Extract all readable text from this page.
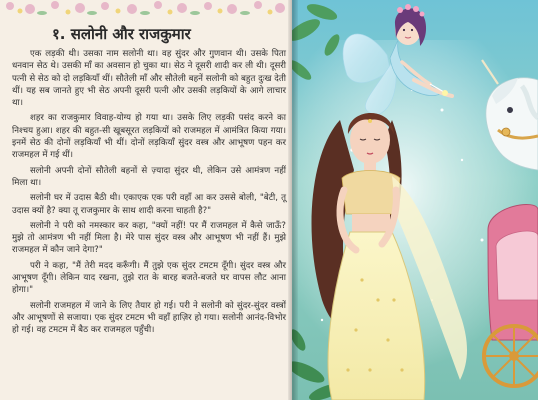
१. सलोनी और राजकुमार

एक लड़की थी। उसका नाम सलोनी था। वह सुंदर और गुणवान थी। उसके पिता धनवान सेठ थे। उसकी माँ का अवसान हो चुका था। सेठ ने दूसरी शादी कर ली थी। दूसरी पत्नी से सेठ को दो लड़कियाँ थीं। सौतेली माँ और सौतेली बहनें सलोनी को बहुत दुःख देती थीं। यह सब जानते हुए भी सेठ अपनी दूसरी पत्नी और उसकी लड़कियों के आगे लाचार था।

शहर का राजकुमार विवाह-योग्य हो गया था। उसके लिए लड़की पसंद करने का निश्चय हुआ। शहर की बहुत-सी खूबसूरत लड़कियों को राजमहल में आमंत्रित किया गया। इनमें सेठ की दोनों लड़कियाँ भी थीं। दोनों लड़कियाँ सुंदर वस्त्र और आभूषण पहन कर राजमहल में गई थीं।

सलोनी अपनी दोनों सौतेली बहनों से ज़्यादा सुंदर थी, लेकिन उसे आमंत्रण नहीं मिला था।

सलोनी घर में उदास बैठी थी। एकाएक एक परी वहाँ आ कर उससे बोली, "बेटी, तू उदास क्यों है? क्या तू राजकुमार के साथ शादी करना चाहती है?"

सलोनी ने परी को नमस्कार कर कहा, "क्यों नहीं! पर मैं राजमहल में कैसे जाऊँ? मुझे तो आमंत्रण भी नहीं मिला है। मेरे पास सुंदर वस्त्र और आभूषण भी नहीं हैं। मुझे राजमहल में कौन जाने देगा?"

परी ने कहा, "मैं तेरी मदद करूँगी। मैं तुझे एक सुंदर टमटम दूँगी। सुंदर वस्त्र और आभूषण दूँगी। लेकिन याद रखना, तुझे रात के बारह बजते-बजते घर वापस लौट आना होगा।"

सलोनी राजमहल में जाने के लिए तैयार हो गई। परी ने सलोनी को सुंदर-सुंदर वस्त्रों और आभूषणों से सजाया। एक सुंदर टमटम भी वहाँ हाज़िर हो गया। सलोनी आनंद-विभोर हो गई। वह टमटम में बैठ कर राजमहल पहुँची।
